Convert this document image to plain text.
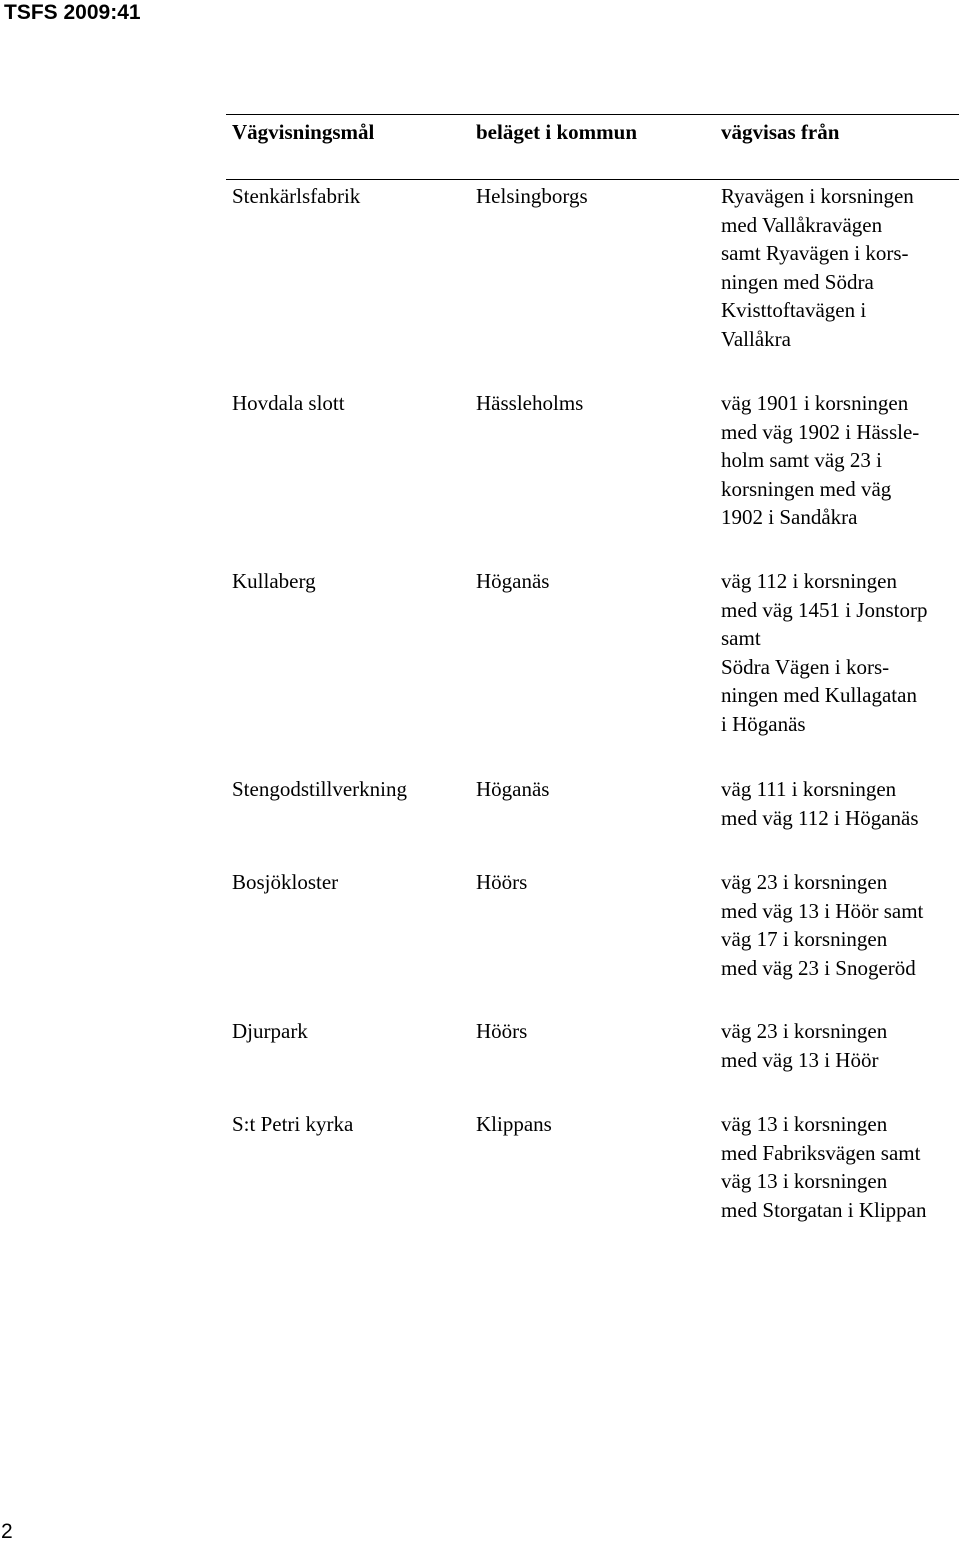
TSFS 2009:41

Vägvisningsmål	beläget i kommun	vägvisas från

Stenkärlsfabrik	Helsingborgs	Ryavägen i korsningen
med Vallåkravägen
samt Ryavägen i kors-
ningen med Södra
Kvisttoftavägen i
Vallåkra

Hovdala slott	Hässleholms	väg 1901 i korsningen
med väg 1902 i Hässle-
holm samt väg 23 i
korsningen med väg
1902 i Sandåkra

Kullaberg	Höganäs	väg 112 i korsningen
med väg 1451 i Jonstorp
samt
Södra Vägen i kors-
ningen med Kullagatan
i Höganäs

Stengodstillverkning	Höganäs	väg 111 i korsningen
med väg 112 i Höganäs

Bosjökloster	Höörs	väg 23 i korsningen
med väg 13 i Höör samt
väg 17 i korsningen
med väg 23 i Snogeröd

Djurpark	Höörs	väg 23 i korsningen
med väg 13 i Höör

S:t Petri kyrka	Klippans	väg 13 i korsningen
med Fabriksvägen samt
väg 13 i korsningen
med Storgatan i Klippan

2
